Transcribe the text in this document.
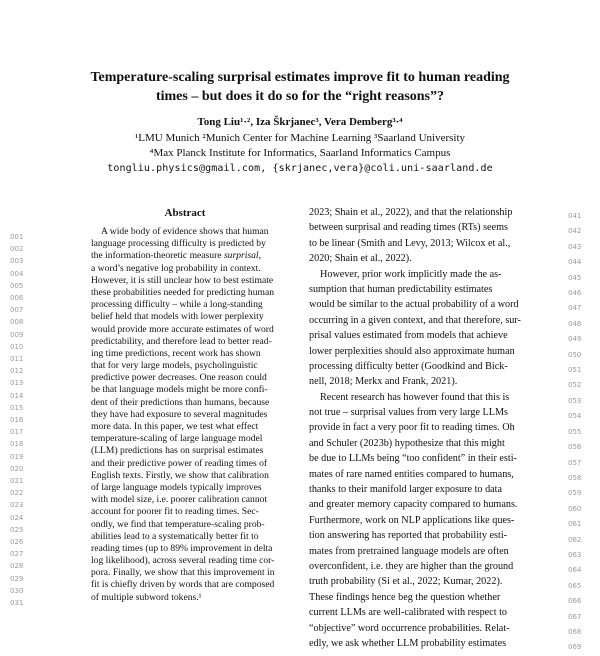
Temperature-scaling surprisal estimates improve fit to human reading
times – but does it do so for the “right reasons”?
Tong Liu¹·², Iza Škrjanec³, Vera Demberg³·⁴
¹LMU Munich ²Munich Center for Machine Learning ³Saarland University
⁴Max Planck Institute for Informatics, Saarland Informatics Campus
tongliu.physics@gmail.com, {skrjanec,vera}@coli.uni-saarland.de
Abstract
001
002
003
004
005
006
007
008
009
010
011
012
013
014
015
016
017
018
019
020
021
022
023
024
025
026
027
028
029
030
031
A wide body of evidence shows that human
language processing difficulty is predicted by
the information-theoretic measure surprisal,
a word’s negative log probability in context.
However, it is still unclear how to best estimate
these probabilities needed for predicting human
processing difficulty – while a long-standing
belief held that models with lower perplexity
would provide more accurate estimates of word
predictability, and therefore lead to better read-
ing time predictions, recent work has shown
that for very large models, psycholinguistic
predictive power decreases. One reason could
be that language models might be more confi-
dent of their predictions than humans, because
they have had exposure to several magnitudes
more data. In this paper, we test what effect
temperature-scaling of large language model
(LLM) predictions has on surprisal estimates
and their predictive power of reading times of
English texts. Firstly, we show that calibration
of large language models typically improves
with model size, i.e. poorer calibration cannot
account for poorer fit to reading times. Sec-
ondly, we find that temperature-scaling prob-
abilities lead to a systematically better fit to
reading times (up to 89% improvement in delta
log likelihood), across several reading time cor-
pora. Finally, we show that this improvement in
fit is chiefly driven by words that are composed
of multiple subword tokens.¹
2023; Shain et al., 2022), and that the relationship
between surprisal and reading times (RTs) seems
to be linear (Smith and Levy, 2013; Wilcox et al.,
2020; Shain et al., 2022).
However, prior work implicitly made the as-
sumption that human predictability estimates
would be similar to the actual probability of a word
occurring in a given context, and that therefore, sur-
prisal values estimated from models that achieve
lower perplexities should also approximate human
processing difficulty better (Goodkind and Bick-
nell, 2018; Merkx and Frank, 2021).
Recent research has however found that this is
not true – surprisal values from very large LLMs
provide in fact a very poor fit to reading times. Oh
and Schuler (2023b) hypothesize that this might
be due to LLMs being “too confident” in their esti-
mates of rare named entities compared to humans,
thanks to their manifold larger exposure to data
and greater memory capacity compared to humans.
Furthermore, work on NLP applications like ques-
tion answering has reported that probability esti-
mates from pretrained language models are often
overconfident, i.e. they are higher than the ground
truth probability (Si et al., 2022; Kumar, 2022).
These findings hence beg the question whether
current LLMs are well-calibrated with respect to
“objective” word occurrence probabilities. Relat-
edly, we ask whether LLM probability estimates
041
042
043
044
045
046
047
048
049
050
051
052
053
054
055
056
057
058
059
060
061
062
063
064
065
066
067
068
069
